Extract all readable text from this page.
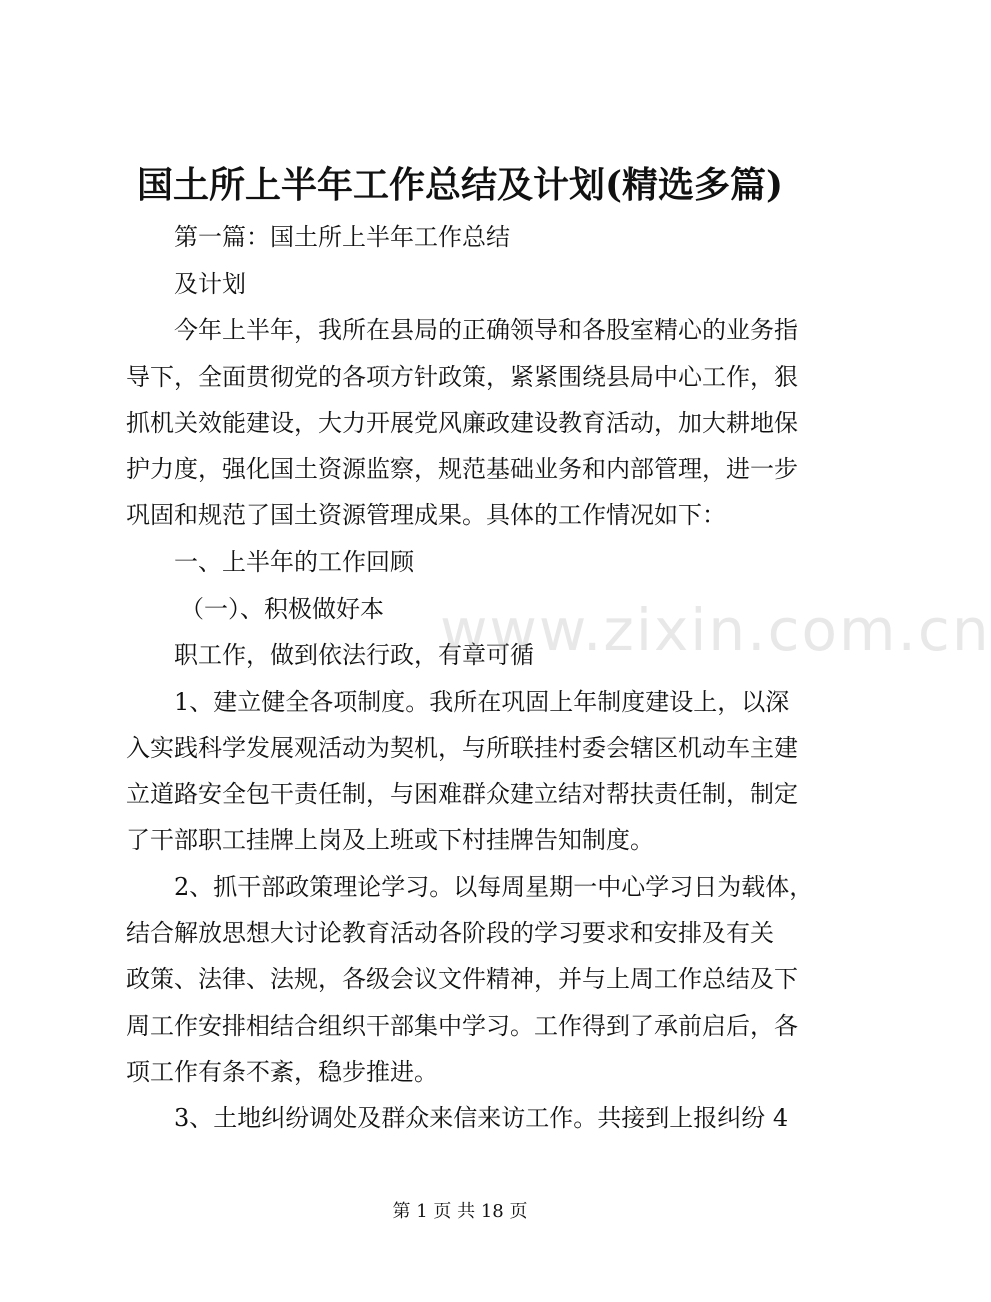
国土所上半年工作总结及计划(精选多篇)
第一篇：国土所上半年工作总结
及计划
今年上半年，我所在县局的正确领导和各股室精心的业务指
导下，全面贯彻党的各项方针政策，紧紧围绕县局中心工作，狠
抓机关效能建设，大力开展党风廉政建设教育活动，加大耕地保
护力度，强化国土资源监察，规范基础业务和内部管理，进一步
巩固和规范了国土资源管理成果。具体的工作情况如下：
一、上半年的工作回顾
（一）、积极做好本
职工作，做到依法行政，有章可循
1、建立健全各项制度。我所在巩固上年制度建设上，以深
入实践科学发展观活动为契机，与所联挂村委会辖区机动车主建
立道路安全包干责任制，与困难群众建立结对帮扶责任制，制定
了干部职工挂牌上岗及上班或下村挂牌告知制度。
2、抓干部政策理论学习。以每周星期一中心学习日为载体，
结合解放思想大讨论教育活动各阶段的学习要求和安排及有关
政策、法律、法规，各级会议文件精神，并与上周工作总结及下
周工作安排相结合组织干部集中学习。工作得到了承前启后，各
项工作有条不紊，稳步推进。
3、土地纠纷调处及群众来信来访工作。共接到上报纠纷 4
www.zixin.com.cn
第 1 页 共 18 页
